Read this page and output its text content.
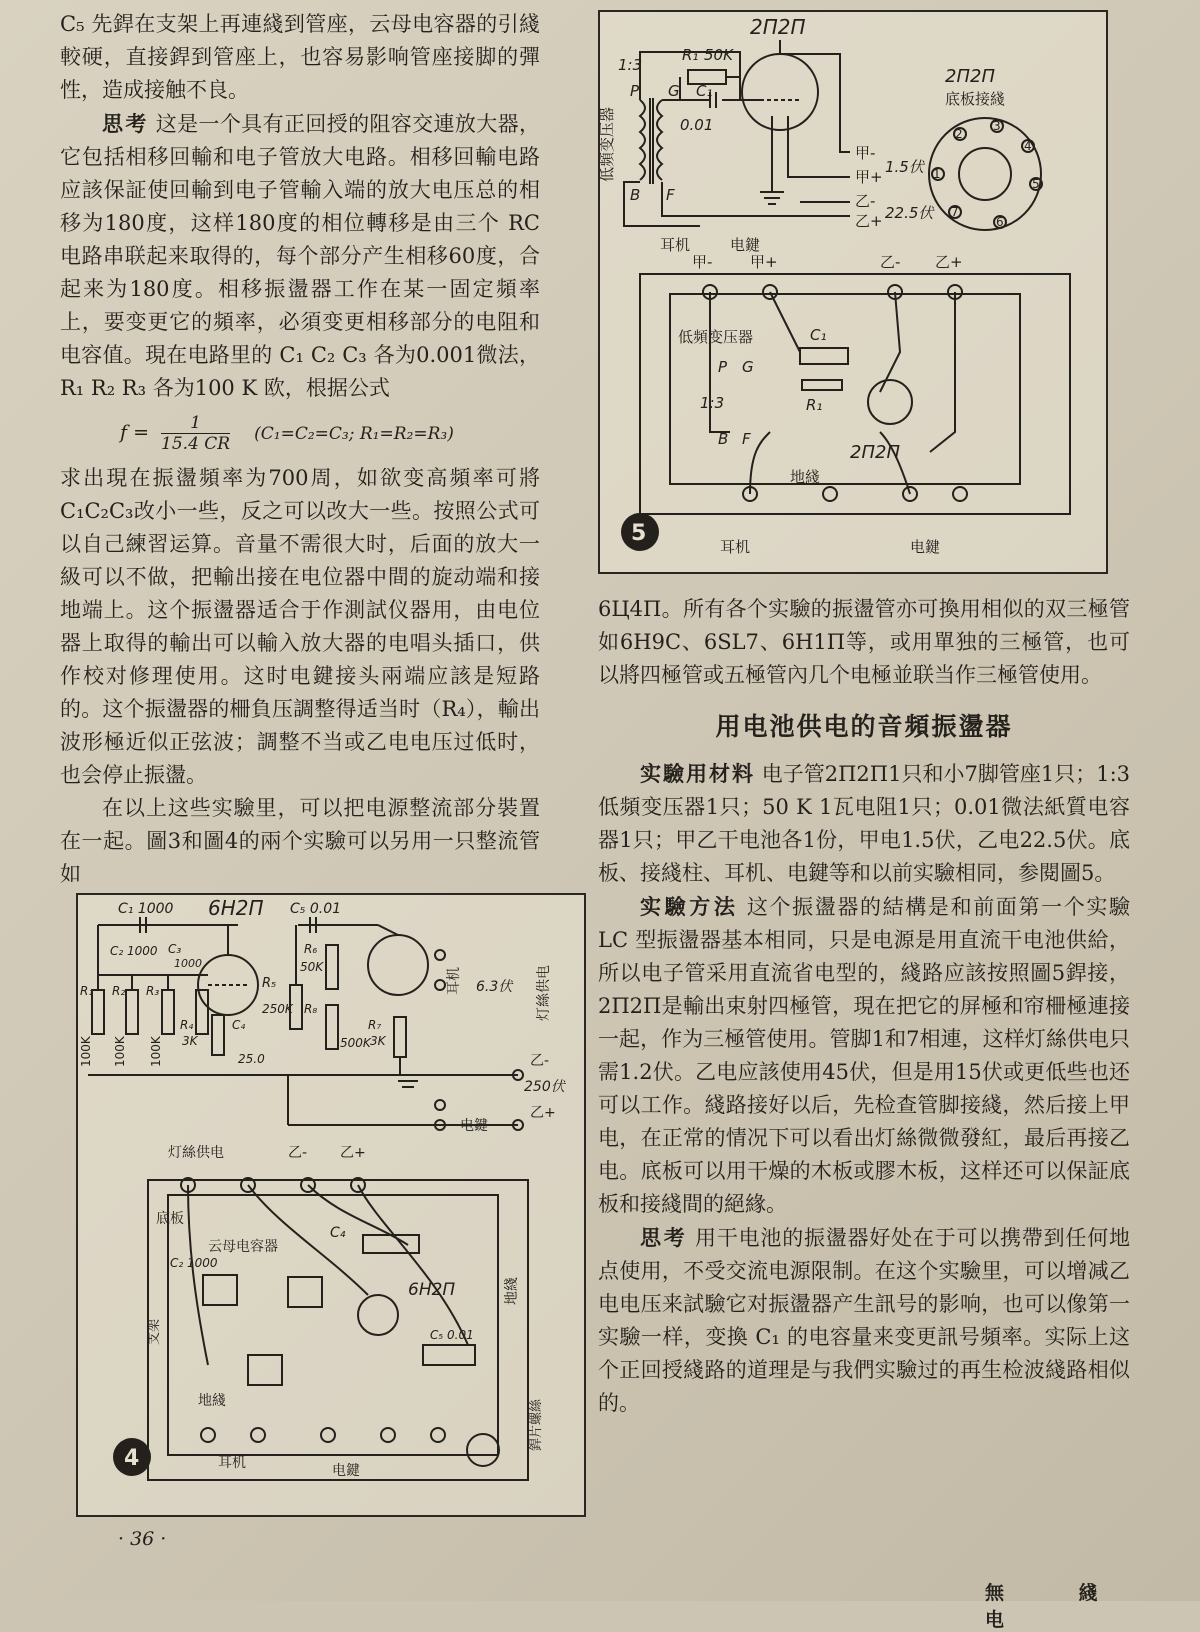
C₅ 先銲在支架上再連綫到管座，云母电容器的引綫較硬，直接銲到管座上，也容易影响管座接脚的彈性，造成接触不良。

思考 这是一个具有正回授的阻容交連放大器，它包括相移回輸和电子管放大电路。相移回輸电路应該保証使回輸到电子管輸入端的放大电压总的相移为180度，这样180度的相位轉移是由三个 RC 电路串联起来取得的，每个部分产生相移60度，合起来为180度。相移振盪器工作在某一固定頻率上，要变更它的頻率，必須变更相移部分的电阻和电容值。現在电路里的 C₁ C₂ C₃ 各为0.001微法，R₁ R₂ R₃ 各为100 K 欧，根据公式

$f = \frac{1}{15.4 CR} (C_1=C_2=C_3$; R₁=R₂=R₃)

求出現在振盪頻率为700周，如欲变高頻率可將C₁C₂C₃改小一些，反之可以改大一些。按照公式可以自己練習运算。音量不需很大时，后面的放大一級可以不做，把輸出接在电位器中間的旋动端和接地端上。这个振盪器适合于作測試仪器用，由电位器上取得的輸出可以輸入放大器的电唱头插口，供作校对修理使用。这时电鍵接头兩端应該是短路的。这个振盪器的柵負压調整得适当时（R₄），輸出波形極近似正弦波；調整不当或乙电电压过低时，也会停止振盪。

在以上这些实驗里，可以把电源整流部分裝置在一起。圖3和圖4的兩个实驗可以另用一只整流管如

2П2П
1:3
R₁ 50K
C₁
0.01
P G
B F
低頻变压器	甲-
1.5伏
甲+
乙-
22.5伏
乙+
耳机	电鍵
2П2П
底板接綫
1
2
3
4
5
6
7
甲-	甲+	乙- 乙+
低頻变压器	C₁
1:3	R₁
P G
B F
2П2П
地綫
耳机	电鍵
5

6Ц4П。所有各个实驗的振盪管亦可換用相似的双三極管如6Н9С、6SL7、6Н1П等，或用單独的三極管，也可以將四極管或五極管內几个电極並联当作三極管使用。

用电池供电的音頻振盪器

实驗用材料 电子管2П2П1只和小7脚管座1只；1:3低頻变压器1只；50 K 1瓦电阻1只；0.01微法紙質电容器1只；甲乙干电池各1份，甲电1.5伏，乙电22.5伏。底板、接綫柱、耳机、电鍵等和以前实驗相同，参閱圖5。

实驗方法 这个振盪器的結構是和前面第一个实驗 LC 型振盪器基本相同，只是电源是用直流干电池供給，所以电子管采用直流省电型的，綫路应該按照圖5銲接，2П2П是輸出束射四極管，現在把它的屏極和帘柵極連接一起，作为三極管使用。管脚1和7相連，这样灯絲供电只需1.2伏。乙电应該使用45伏，但是用15伏或更低些也还可以工作。綫路接好以后，先检查管脚接綫，然后接上甲电，在正常的情况下可以看出灯絲微微發紅，最后再接乙电。底板可以用干燥的木板或膠木板，这样还可以保証底板和接綫間的絕緣。

思考 用干电池的振盪器好处在于可以携帶到任何地点使用，不受交流电源限制。在这个实驗里，可以增减乙电电压来試驗它对振盪器产生訊号的影响，也可以像第一实驗一样，变換 C₁ 的电容量来变更訊号頻率。实际上这个正回授綫路的道理是与我們实驗过的再生检波綫路相似的。

6Н2П
C₁ 1000	C₅ 0.01
C₂ 1000 C₃
1000
R₁ R₂ R₃
100K 100K 100K
R₄
3K
C₄
25.0
R₅
250K
R₆
50K
R₈
500K
R₇
3K
耳机 6.3伏 灯絲供电
乙-
250伏
乙+
电鍵
灯絲供电	乙- 乙+
底板
云母电容器
支架
地綫
地綫	銲片螺絲
6Н2П
C₂ 1000
C₄
C₅ 0.01
耳机	电鍵
4
· 36 ·
無 綫 电
